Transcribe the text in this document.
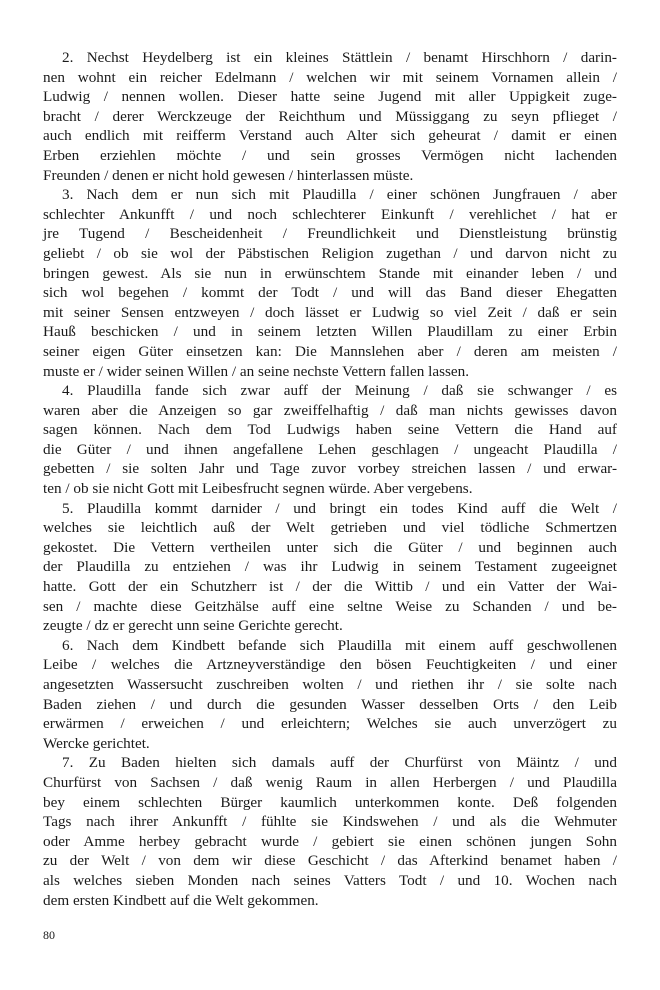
2. Nechst Heydelberg ist ein kleines Stättlein / benamt Hirschhorn / darin-
nen wohnt ein reicher Edelmann / welchen wir mit seinem Vornamen allein /
Ludwig / nennen wollen. Dieser hatte seine Jugend mit aller Uppigkeit zuge-
bracht / derer Werckzeuge der Reichthum und Müssiggang zu seyn pflieget /
auch endlich mit reifferm Verstand auch Alter sich geheurat / damit er einen
Erben erziehlen möchte / und sein grosses Vermögen nicht lachenden
Freunden / denen er nicht hold gewesen / hinterlassen müste.
3. Nach dem er nun sich mit Plaudilla / einer schönen Jungfrauen / aber
schlechter Ankunfft / und noch schlechterer Einkunft / verehlichet / hat er
jre Tugend / Bescheidenheit / Freundlichkeit und Dienstleistung brünstig
geliebt / ob sie wol der Päbstischen Religion zugethan / und darvon nicht zu
bringen gewest. Als sie nun in erwünschtem Stande mit einander leben / und
sich wol begehen / kommt der Todt / und will das Band dieser Ehegatten
mit seiner Sensen entzweyen / doch lässet er Ludwig so viel Zeit / daß er sein
Hauß beschicken / und in seinem letzten Willen Plaudillam zu einer Erbin
seiner eigen Güter einsetzen kan: Die Mannslehen aber / deren am meisten /
muste er / wider seinen Willen / an seine nechste Vettern fallen lassen.
4. Plaudilla fande sich zwar auff der Meinung / daß sie schwanger / es
waren aber die Anzeigen so gar zweiffelhaftig / daß man nichts gewisses davon
sagen können. Nach dem Tod Ludwigs haben seine Vettern die Hand auf
die Güter / und ihnen angefallene Lehen geschlagen / ungeacht Plaudilla /
gebetten / sie solten Jahr und Tage zuvor vorbey streichen lassen / und erwar-
ten / ob sie nicht Gott mit Leibesfrucht segnen würde. Aber vergebens.
5. Plaudilla kommt darnider / und bringt ein todes Kind auff die Welt /
welches sie leichtlich auß der Welt getrieben und viel tödliche Schmertzen
gekostet. Die Vettern vertheilen unter sich die Güter / und beginnen auch
der Plaudilla zu entziehen / was ihr Ludwig in seinem Testament zugeeignet
hatte. Gott der ein Schutzherr ist / der die Wittib / und ein Vatter der Wai-
sen / machte diese Geitzhälse auff eine seltne Weise zu Schanden / und be-
zeugte / dz er gerecht unn seine Gerichte gerecht.
6. Nach dem Kindbett befande sich Plaudilla mit einem auff geschwollenen
Leibe / welches die Artzneyverständige den bösen Feuchtigkeiten / und einer
angesetzten Wassersucht zuschreiben wolten / und riethen ihr / sie solte nach
Baden ziehen / und durch die gesunden Wasser desselben Orts / den Leib
erwärmen / erweichen / und erleichtern; Welches sie auch unverzögert zu
Wercke gerichtet.
7. Zu Baden hielten sich damals auff der Churfürst von Mäintz / und
Churfürst von Sachsen / daß wenig Raum in allen Herbergen / und Plaudilla
bey einem schlechten Bürger kaumlich unterkommen konte. Deß folgenden
Tags nach ihrer Ankunfft / fühlte sie Kindswehen / und als die Wehmuter
oder Amme herbey gebracht wurde / gebiert sie einen schönen jungen Sohn
zu der Welt / von dem wir diese Geschicht / das Afterkind benamet haben /
als welches sieben Monden nach seines Vatters Todt / und 10. Wochen nach
dem ersten Kindbett auf die Welt gekommen.
80
